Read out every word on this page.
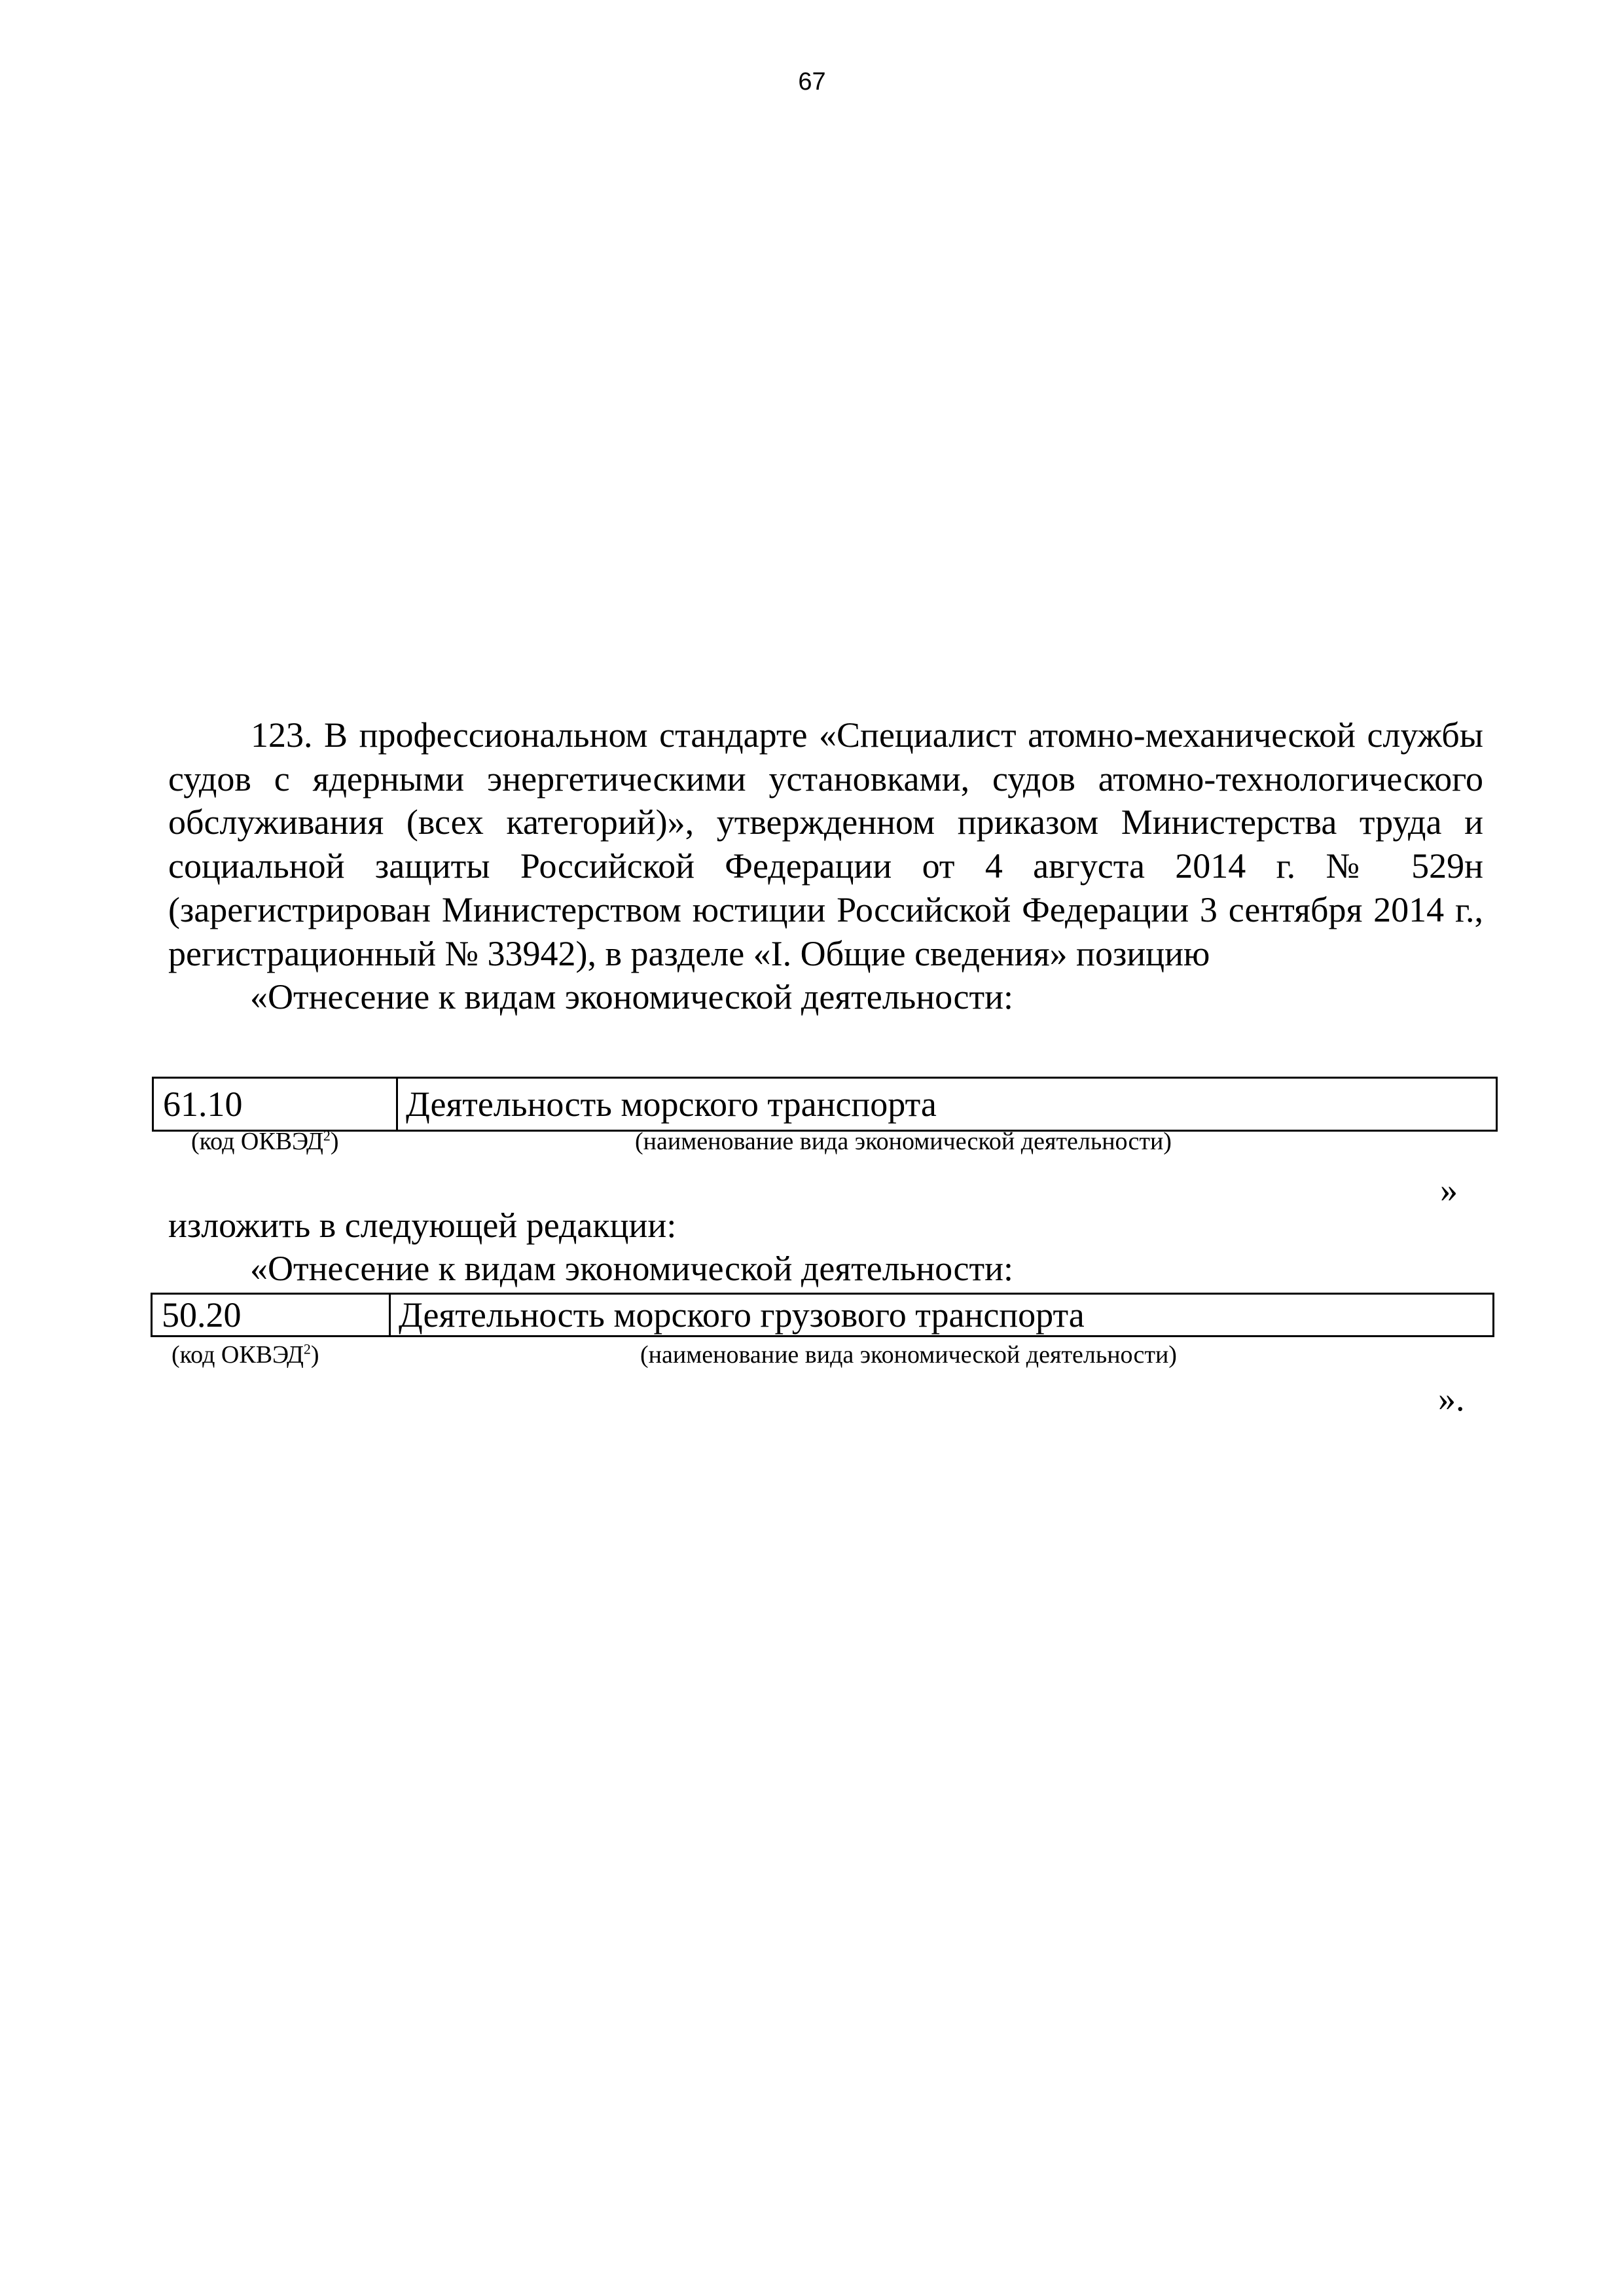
67

123. В профессиональном стандарте «Специалист атомно-механической службы судов с ядерными энергетическими установками, судов атомно-технологического обслуживания (всех категорий)», утвержденном приказом Министерства труда и социальной защиты Российской Федерации от 4 августа 2014 г. № 529н (зарегистрирован Министерством юстиции Российской Федерации 3 сентября 2014 г., регистрационный № 33942), в разделе «I. Общие сведения» позицию

«Отнесение к видам экономической деятельности:

61.10	Деятельность морского транспорта
(код ОКВЭД$^2$)	(наименование вида экономической деятельности)
»
изложить в следующей редакции:
«Отнесение к видам экономической деятельности:
50.20	Деятельность морского грузового транспорта
(код ОКВЭД$^2$)	(наименование вида экономической деятельности)
».
